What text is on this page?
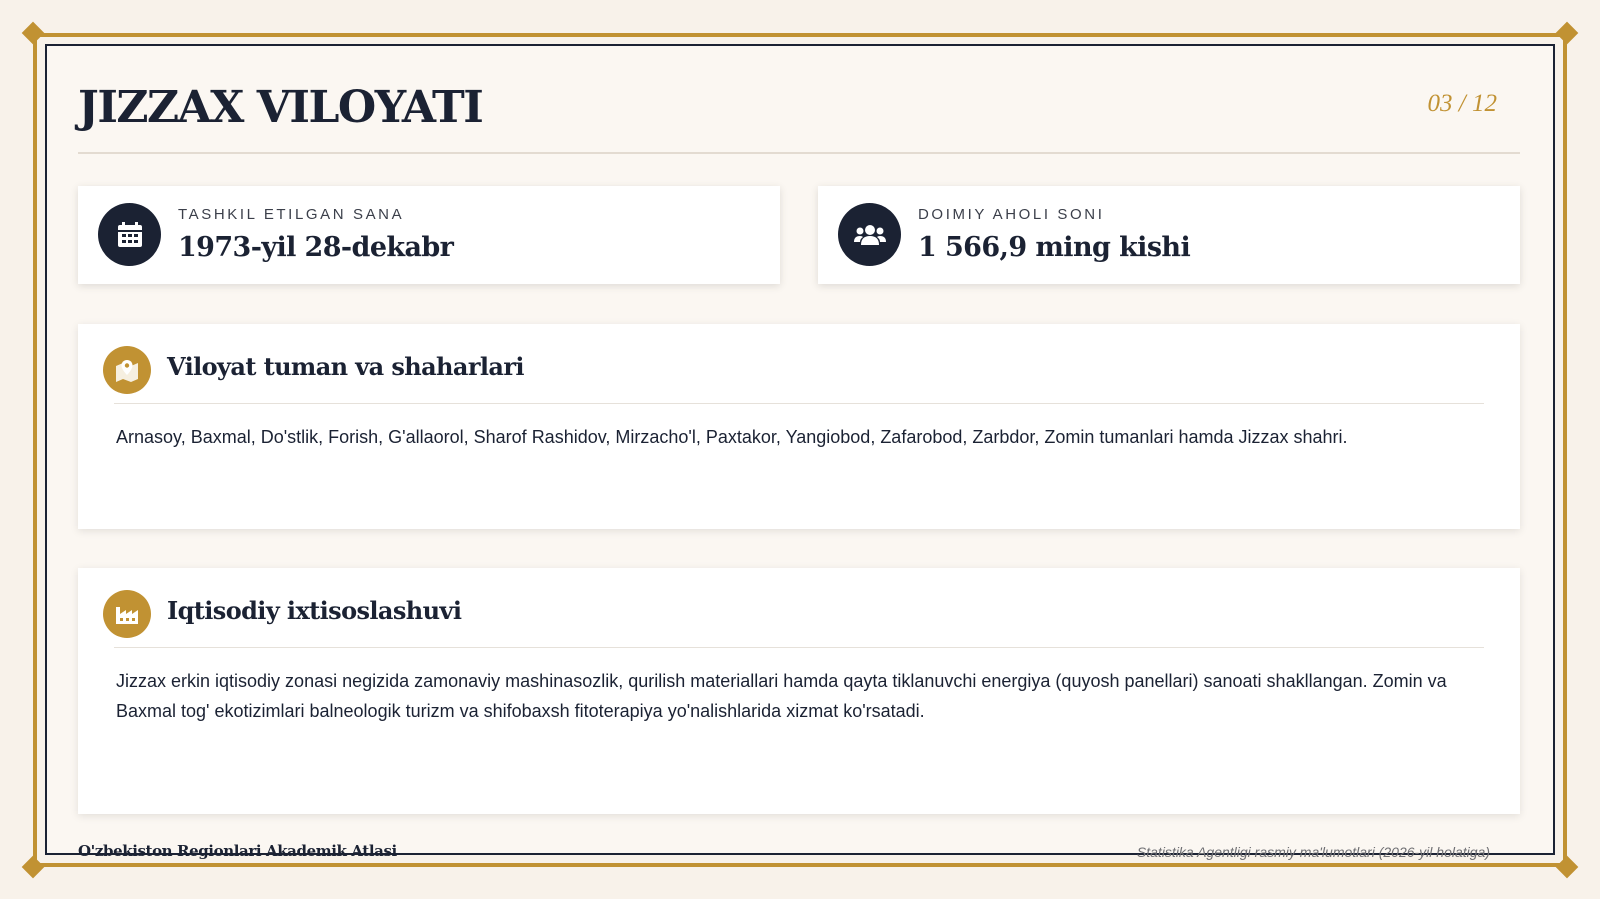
JIZZAX VILOYATI	03 / 12
TASHKIL ETILGAN SANA
1973-yil 28-dekabr
DOIMIY AHOLI SONI
1 566,9 ming kishi
Viloyat tuman va shaharlari
Arnasoy, Baxmal, Do'stlik, Forish, G'allaorol, Sharof Rashidov, Mirzacho'l, Paxtakor, Yangiobod, Zafarobod, Zarbdor, Zomin tumanlari hamda Jizzax shahri.
Iqtisodiy ixtisoslashuvi
Jizzax erkin iqtisodiy zonasi negizida zamonaviy mashinasozlik, qurilish materiallari hamda qayta tiklanuvchi energiya (quyosh panellari) sanoati shakllangan. Zomin va Baxmal tog' ekotizimlari balneologik turizm va shifobaxsh fitoterapiya yo'nalishlarida xizmat ko'rsatadi.
O'zbekiston Regionlari Akademik Atlasi	Statistika Agentligi rasmiy ma'lumotlari (2026-yil holatiga)
